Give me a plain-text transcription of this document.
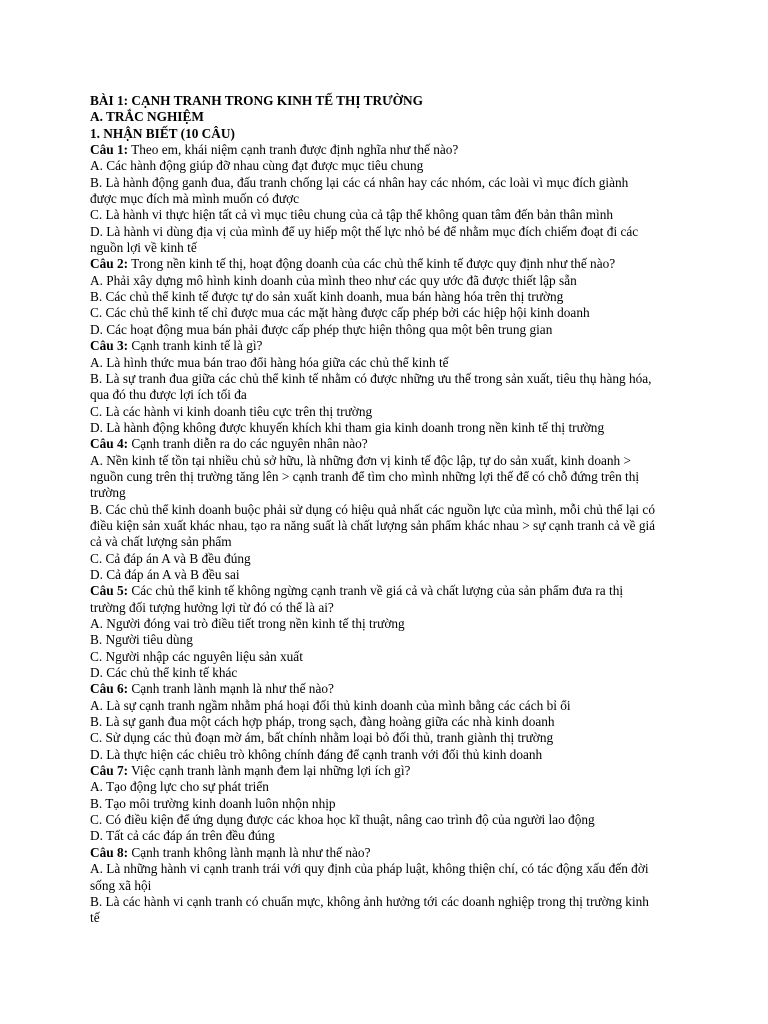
BÀI 1: CẠNH TRANH TRONG KINH TẾ THỊ TRƯỜNG
A. TRẮC NGHIỆM
1. NHẬN BIẾT (10 CÂU)
Câu 1: Theo em, khái niệm cạnh tranh được định nghĩa như thế nào?
A. Các hành động giúp đỡ nhau cùng đạt được mục tiêu chung
B. Là hành động ganh đua, đấu tranh chống lại các cá nhân hay các nhóm, các loài vì mục đích giành
được mục đích mà mình muốn có được
C. Là hành vi thực hiện tất cả vì mục tiêu chung của cả tập thể không quan tâm đến bản thân mình
D. Là hành vi dùng địa vị của mình để uy hiếp một thế lực nhỏ bé để nhằm mục đích chiếm đoạt đi các
nguồn lợi về kinh tế
Câu 2: Trong nền kinh tế thị, hoạt động doanh của các chủ thể kinh tế được quy định như thế nào?
A. Phải xây dựng mô hình kinh doanh của mình theo như các quy ước đã được thiết lập sẵn
B. Các chủ thể kinh tế được tự do sản xuất kinh doanh, mua bán hàng hóa trên thị trường
C. Các chủ thể kinh tế chỉ được mua các mặt hàng được cấp phép bởi các hiệp hội kinh doanh
D. Các hoạt động mua bán phải được cấp phép thực hiện thông qua một bên trung gian
Câu 3: Cạnh tranh kinh tế là gì?
A. Là hình thức mua bán trao đổi hàng hóa giữa các chủ thể kinh tế
B. Là sự tranh đua giữa các chủ thể kinh tế nhằm có được những ưu thế trong sản xuất, tiêu thụ hàng hóa,
qua đó thu được lợi ích tối đa
C. Là các hành vi kinh doanh tiêu cực trên thị trường
D. Là hành động không được khuyến khích khi tham gia kinh doanh trong nền kinh tế thị trường
Câu 4: Cạnh tranh diễn ra do các nguyên nhân nào?
A. Nền kinh tế tồn tại nhiều chủ sở hữu, là những đơn vị kinh tế độc lập, tự do sản xuất, kinh doanh >
nguồn cung trên thị trường tăng lên > cạnh tranh để tìm cho mình những lợi thế để có chỗ đứng trên thị
trường
B. Các chủ thể kinh doanh buộc phải sử dụng có hiệu quả nhất các nguồn lực của mình, mỗi chủ thể lại có
điều kiện sản xuất khác nhau, tạo ra năng suất là chất lượng sản phẩm khác nhau > sự cạnh tranh cả về giá
cả và chất lượng sản phẩm
C. Cả đáp án A và B đều đúng
D. Cả đáp án A và B đều sai
Câu 5: Các chủ thể kinh tế không ngừng cạnh tranh về giá cả và chất lượng của sản phẩm đưa ra thị
trường đối tượng hưởng lợi từ đó có thể là ai?
A. Người đóng vai trò điều tiết trong nền kinh tế thị trường
B. Người tiêu dùng
C. Người nhập các nguyên liệu sản xuất
D. Các chủ thể kinh tế khác
Câu 6: Cạnh tranh lành mạnh là như thế nào?
A. Là sự cạnh tranh ngầm nhằm phá hoại đối thủ kinh doanh của mình bằng các cách bỉ ổi
B. Là sự ganh đua một cách hợp pháp, trong sạch, đàng hoàng giữa các nhà kinh doanh
C. Sử dụng các thủ đoạn mờ ám, bất chính nhằm loại bỏ đối thủ, tranh giành thị trường
D. Là thực hiện các chiêu trò không chính đáng để cạnh tranh với đối thủ kinh doanh
Câu 7: Việc cạnh tranh lành mạnh đem lại những lợi ích gì?
A. Tạo động lực cho sự phát triển
B. Tạo môi trường kinh doanh luôn nhộn nhịp
C. Có điều kiện để ứng dụng được các khoa học kĩ thuật, nâng cao trình độ của người lao động
D. Tất cả các đáp án trên đều đúng
Câu 8: Cạnh tranh không lành mạnh là như thế nào?
A. Là những hành vi cạnh tranh trái với quy định của pháp luật, không thiện chí, có tác động xấu đến đời
sống xã hội
B. Là các hành vi cạnh tranh có chuẩn mực, không ảnh hưởng tới các doanh nghiệp trong thị trường kinh
tế
